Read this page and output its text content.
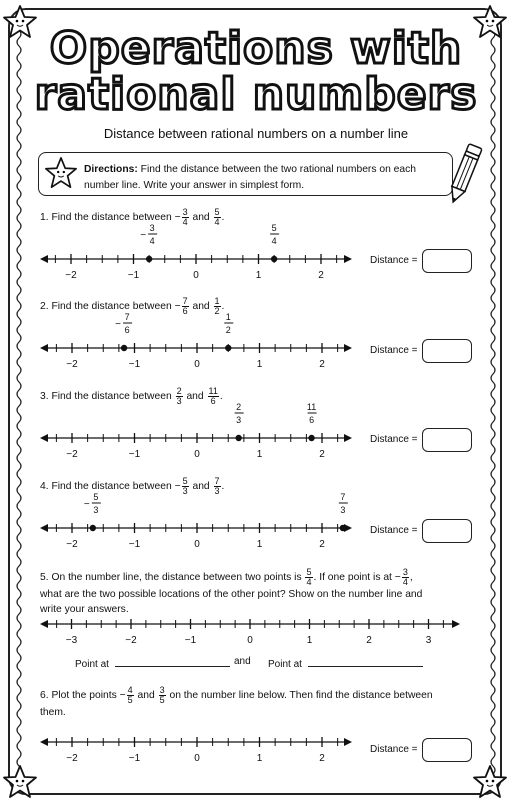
Operations with
rational numbers
Distance between rational numbers on a number line
Directions: Find the distance between the two rational numbers on each number line. Write your answer in simplest form.
1. Find the distance between − $\frac{3}{4}$ and $\frac{5}{4}$ .
2. Find the distance between − $\frac{7}{6}$ and $\frac{1}{2}$ .
3. Find the distance between $\frac{2}{3}$ and $\frac{11}{6}$ .
4. Find the distance between − $\frac{5}{3}$ and $\frac{7}{3}$ .
5. On the number line, the distance between two points is $\frac{5}{4}$ . If one point is at − $\frac{3}{4}$ , what are the two possible locations of the other point? Show on the number line and write your answers.
Point at	and Point at
6. Plot the points − $\frac{4}{5}$ and $\frac{3}{5}$ on the number line below. Then find the distance between them.
Distance =
Distance =
Distance =
Distance =
Distance =
−2	−1	0	1	2
3
4
−
5
4
−2	−1	0	1	2
7
6
−
1
2
−2	−1	0	1	2
2
3
11
6
−2	−1	0	1	2
5
3
−
7
3
−3	−2	−1	0	1	2	3
−2	−1	0	1	2
